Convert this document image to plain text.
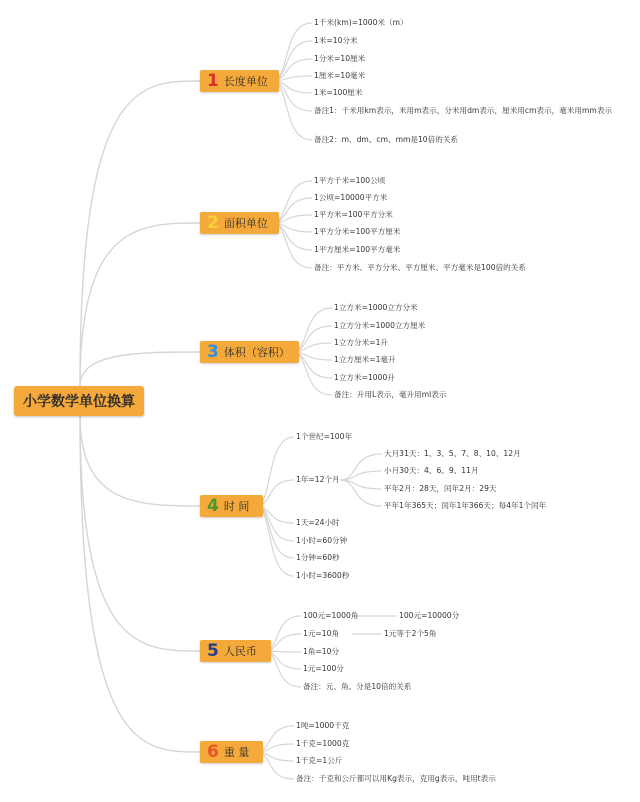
小学数学单位换算
1 长度单位
1千米(km)=1000米（m）
1米=10分米
1分米=10厘米
1厘米=10毫米
1米=100厘米
备注1：千米用km表示，米用m表示，分米用dm表示，厘米用cm表示，毫米用mm表示
备注2：m、dm、cm、mm是10倍的关系
2 面积单位
1平方千米=100公顷
1公顷=10000平方米
1平方米=100平方分米
1平方分米=100平方厘米
1平方厘米=100平方毫米
备注：平方米、平方分米、平方厘米、平方毫米是100倍的关系
3 体积（容积）
1立方米=1000立方分米
1立方分米=1000立方厘米
1立方分米=1升
1立方厘米=1毫升
1立方米=1000升
备注：升用L表示，毫升用ml表示
4 时 间
1个世纪=100年
1年=12个月
大月31天：1、3、5、7、8、10、12月
小月30天：4、6、9、11月
平年2月：28天，闰年2月：29天
平年1年365天；闰年1年366天；每4年1个闰年
1天=24小时
1小时=60分钟
1分钟=60秒
1小时=3600秒
5 人民币
100元=1000角
1元=10角
1角=10分
1元=100分
备注：元、角、分是10倍的关系
100元=10000分
1元等于2个5角
6 重 量
1吨=1000千克
1千克=1000克
1千克=1公斤
备注：千克和公斤都可以用Kg表示，克用g表示，吨用t表示
